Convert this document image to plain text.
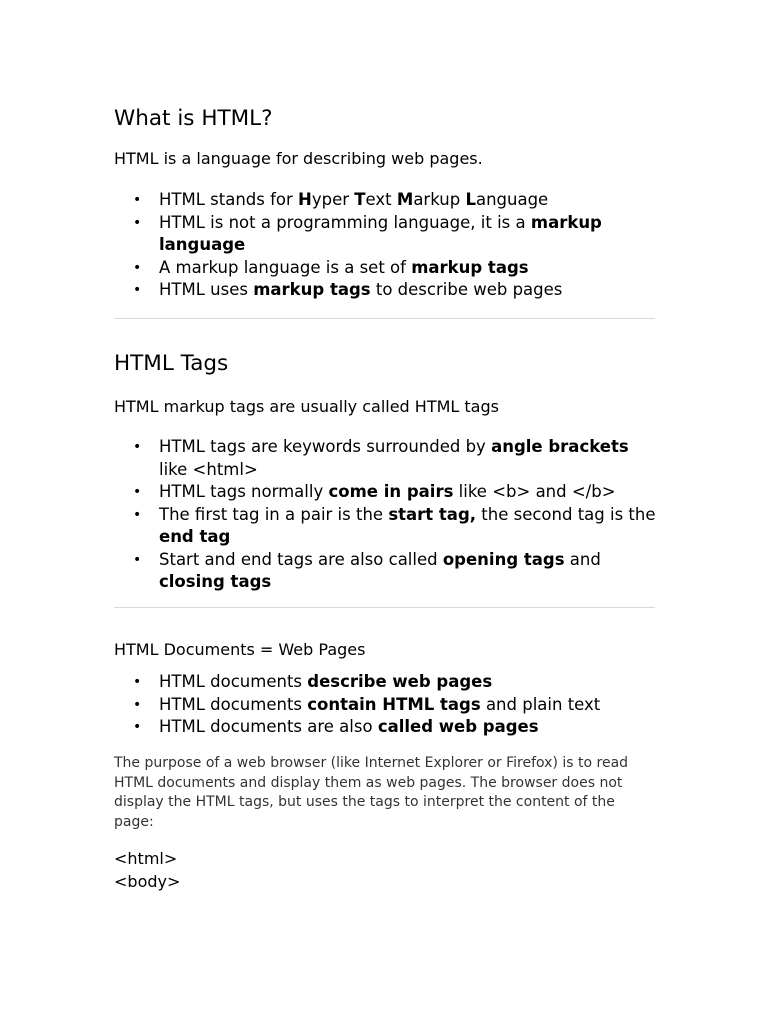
What is HTML?

HTML is a language for describing web pages.

• HTML stands for Hyper Text Markup Language
• HTML is not a programming language, it is a markup language
• A markup language is a set of markup tags
• HTML uses markup tags to describe web pages
HTML Tags

HTML markup tags are usually called HTML tags

• HTML tags are keywords surrounded by angle brackets like <html>
• HTML tags normally come in pairs like <b> and </b>
• The first tag in a pair is the start tag, the second tag is the end tag
• Start and end tags are also called opening tags and closing tags

HTML Documents = Web Pages

• HTML documents describe web pages
• HTML documents contain HTML tags and plain text
• HTML documents are also called web pages

The purpose of a web browser (like Internet Explorer or Firefox) is to read HTML documents and display them as web pages. The browser does not display the HTML tags, but uses the tags to interpret the content of the page:

<html>

<body>
